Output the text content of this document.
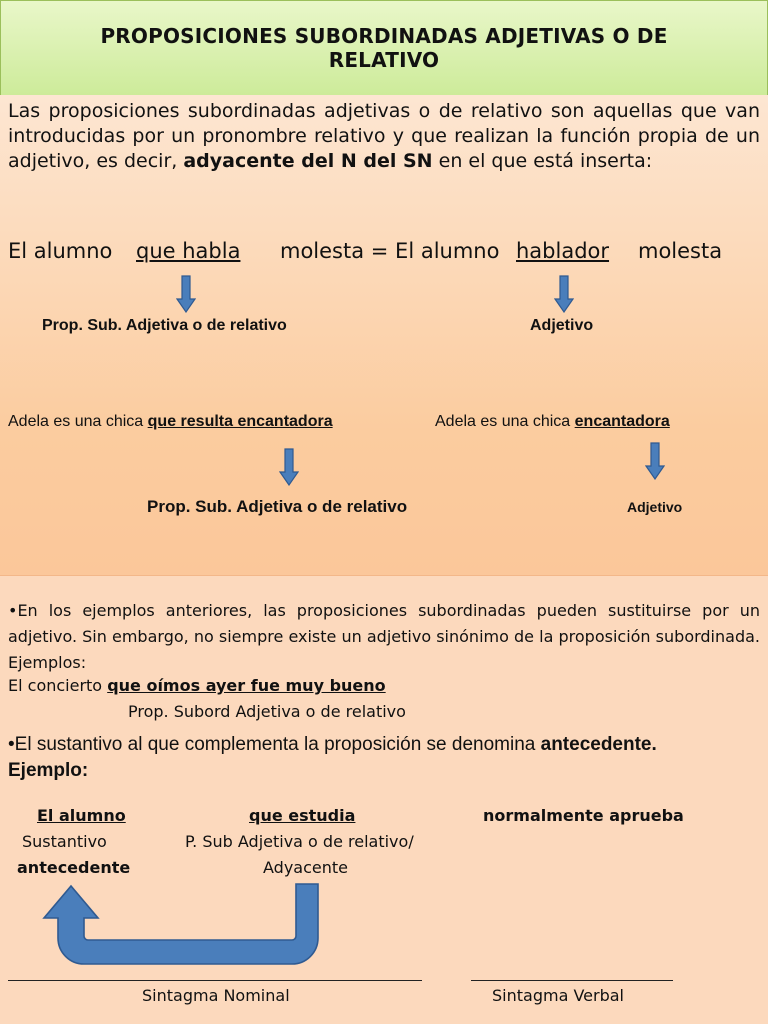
PROPOSICIONES SUBORDINADAS ADJETIVAS O DE RELATIVO
Las proposiciones subordinadas adjetivas o de relativo son aquellas que van introducidas por un pronombre relativo y que realizan la función propia de un adjetivo, es decir, adyacente del N del SN en el que está inserta:
El alumno que habla molesta = El alumno hablador molesta
Prop. Sub. Adjetiva o de relativo	Adjetivo
Adela es una chica que resulta encantadora	Adela es una chica encantadora
Prop. Sub. Adjetiva o de relativo	Adjetivo
•En los ejemplos anteriores, las proposiciones subordinadas pueden sustituirse por un adjetivo. Sin embargo, no siempre existe un adjetivo sinónimo de la proposición subordinada. Ejemplos:
El concierto que oímos ayer fue muy bueno
Prop. Subord Adjetiva o de relativo
•El sustantivo al que complementa la proposición se denomina antecedente.
Ejemplo:
El alumno
Sustantivo
antecedente
que estudia
P. Sub Adjetiva o de relativo/
Adyacente
normalmente aprueba
Sintagma Nominal	Sintagma Verbal
